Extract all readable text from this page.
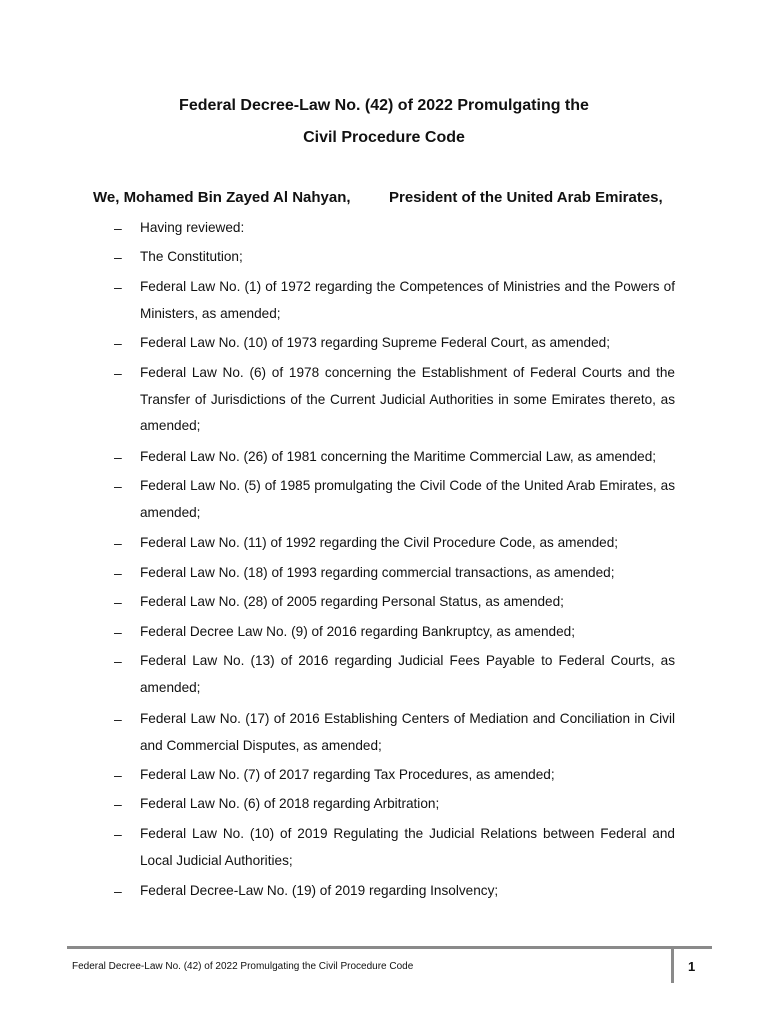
Federal Decree-Law No. (42) of 2022 Promulgating the
Civil Procedure Code
We, Mohamed Bin Zayed Al Nahyan,	President of the United Arab Emirates,
– Having reviewed:
– The Constitution;
– Federal Law No. (1) of 1972 regarding the Competences of Ministries and the Powers of Ministers, as amended;
– Federal Law No. (10) of 1973 regarding Supreme Federal Court, as amended;
– Federal Law No. (6) of 1978 concerning the Establishment of Federal Courts and the Transfer of Jurisdictions of the Current Judicial Authorities in some Emirates thereto, as amended;
– Federal Law No. (26) of 1981 concerning the Maritime Commercial Law, as amended;
– Federal Law No. (5) of 1985 promulgating the Civil Code of the United Arab Emirates, as amended;
– Federal Law No. (11) of 1992 regarding the Civil Procedure Code, as amended;
– Federal Law No. (18) of 1993 regarding commercial transactions, as amended;
– Federal Law No. (28) of 2005 regarding Personal Status, as amended;
– Federal Decree Law No. (9) of 2016 regarding Bankruptcy, as amended;
– Federal Law No. (13) of 2016 regarding Judicial Fees Payable to Federal Courts, as amended;
– Federal Law No. (17) of 2016 Establishing Centers of Mediation and Conciliation in Civil and Commercial Disputes, as amended;
– Federal Law No. (7) of 2017 regarding Tax Procedures, as amended;
– Federal Law No. (6) of 2018 regarding Arbitration;
– Federal Law No. (10) of 2019 Regulating the Judicial Relations between Federal and Local Judicial Authorities;
– Federal Decree-Law No. (19) of 2019 regarding Insolvency;
Federal Decree-Law No. (42) of 2022 Promulgating the Civil Procedure Code	1
